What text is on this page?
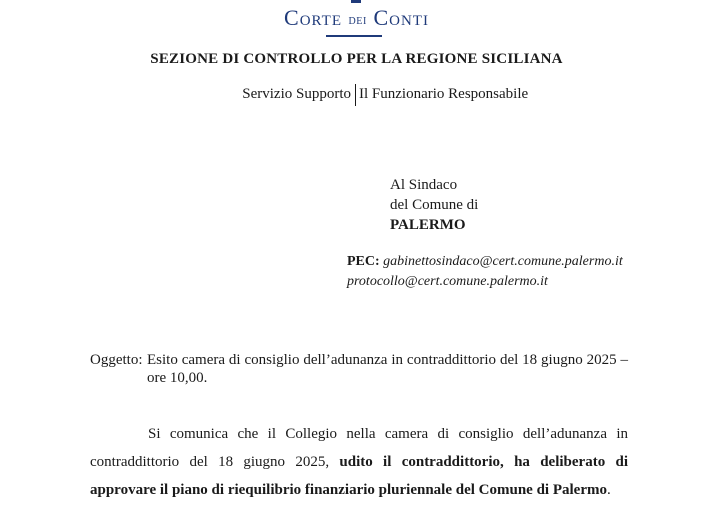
Corte dei Conti
SEZIONE DI CONTROLLO PER LA REGIONE SICILIANA
Servizio Supporto Il Funzionario Responsabile
Al Sindaco
del Comune di
PALERMO
PEC: gabinettosindaco@cert.comune.palermo.it
protocollo@cert.comune.palermo.it
Oggetto: Esito camera di consiglio dell’adunanza in contraddittorio del 18 giugno 2025 – ore 10,00.
Si comunica che il Collegio nella camera di consiglio dell’adunanza in contraddittorio del 18 giugno 2025, udito il contraddittorio, ha deliberato di approvare il piano di riequilibrio finanziario pluriennale del Comune di Palermo.
